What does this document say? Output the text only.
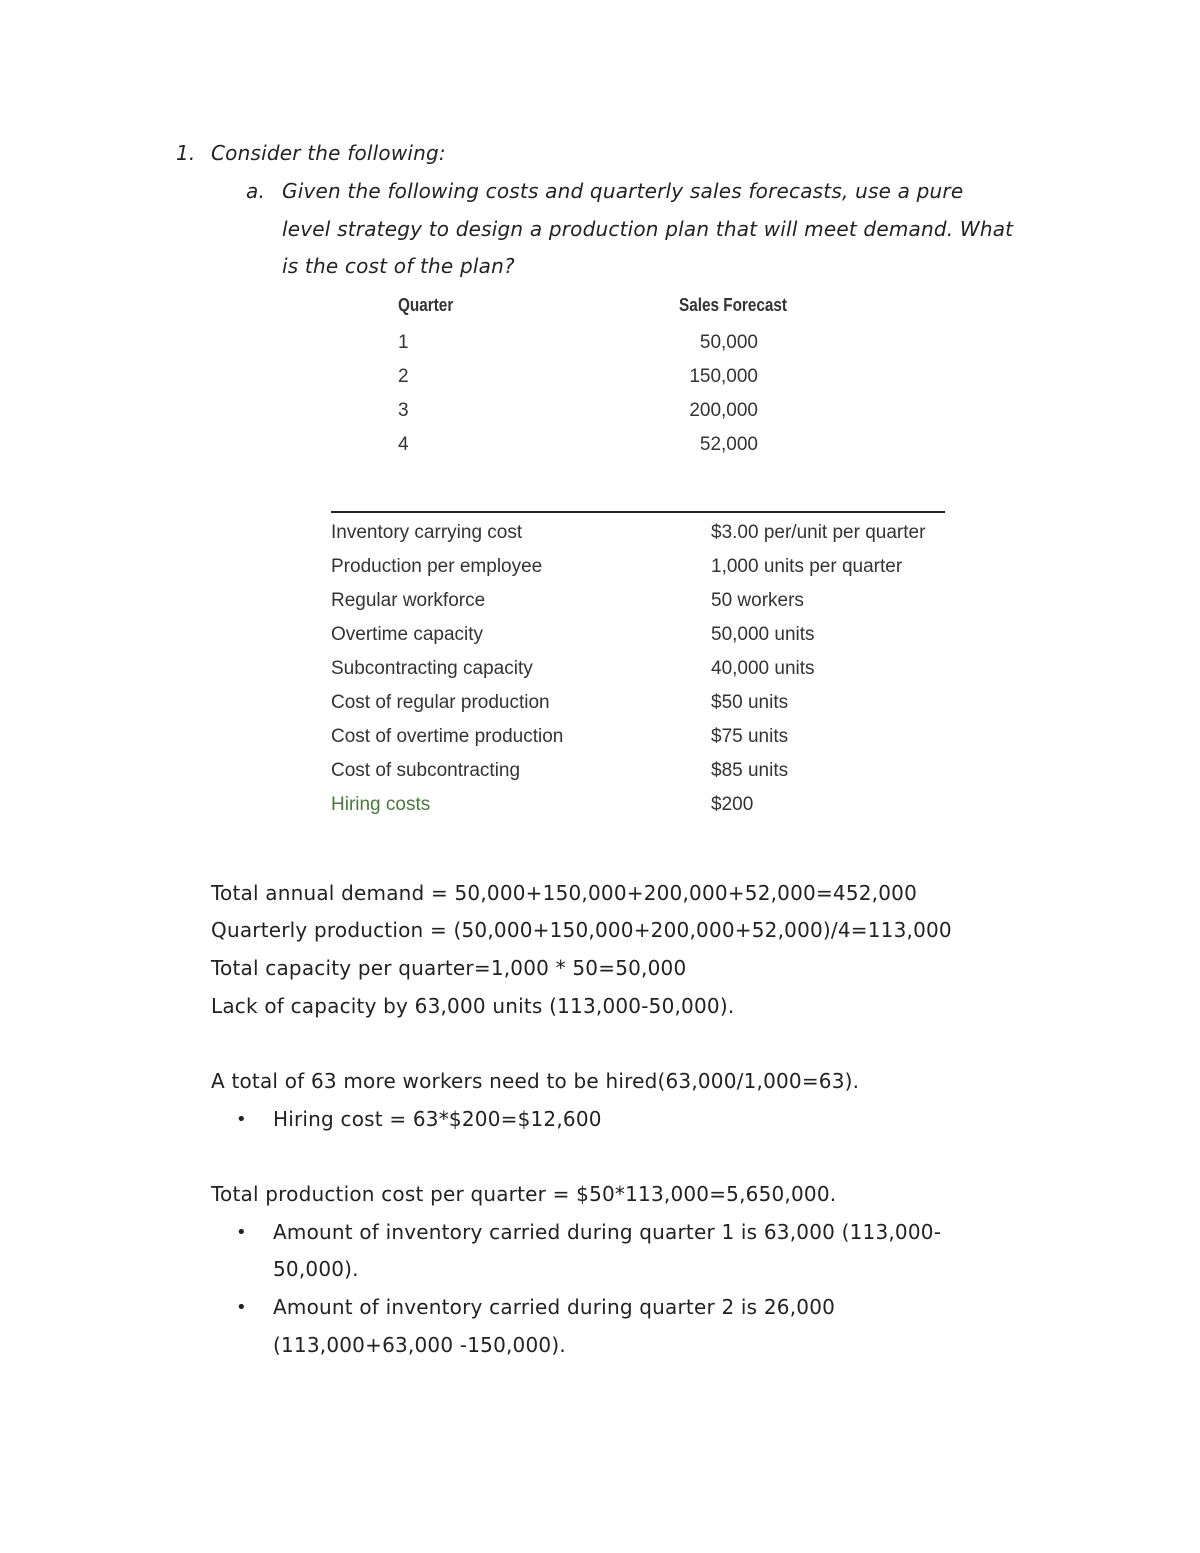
1. Consider the following:
a. Given the following costs and quarterly sales forecasts, use a pure
level strategy to design a production plan that will meet demand. What
is the cost of the plan?
Quarter	Sales Forecast
1	50,000
2	150,000
3	200,000
4	52,000
Inventory carrying cost	$3.00 per/unit per quarter
Production per employee	1,000 units per quarter
Regular workforce	50 workers
Overtime capacity	50,000 units
Subcontracting capacity	40,000 units
Cost of regular production	$50 units
Cost of overtime production	$75 units
Cost of subcontracting	$85 units
Hiring costs	$200
Total annual demand = 50,000+150,000+200,000+52,000=452,000
Quarterly production = (50,000+150,000+200,000+52,000)/4=113,000
Total capacity per quarter=1,000 * 50=50,000
Lack of capacity by 63,000 units (113,000-50,000).
A total of 63 more workers need to be hired(63,000/1,000=63).
• Hiring cost = 63*$200=$12,600
Total production cost per quarter = $50*113,000=5,650,000.
• Amount of inventory carried during quarter 1 is 63,000 (113,000-
50,000).
• Amount of inventory carried during quarter 2 is 26,000
(113,000+63,000 -150,000).
